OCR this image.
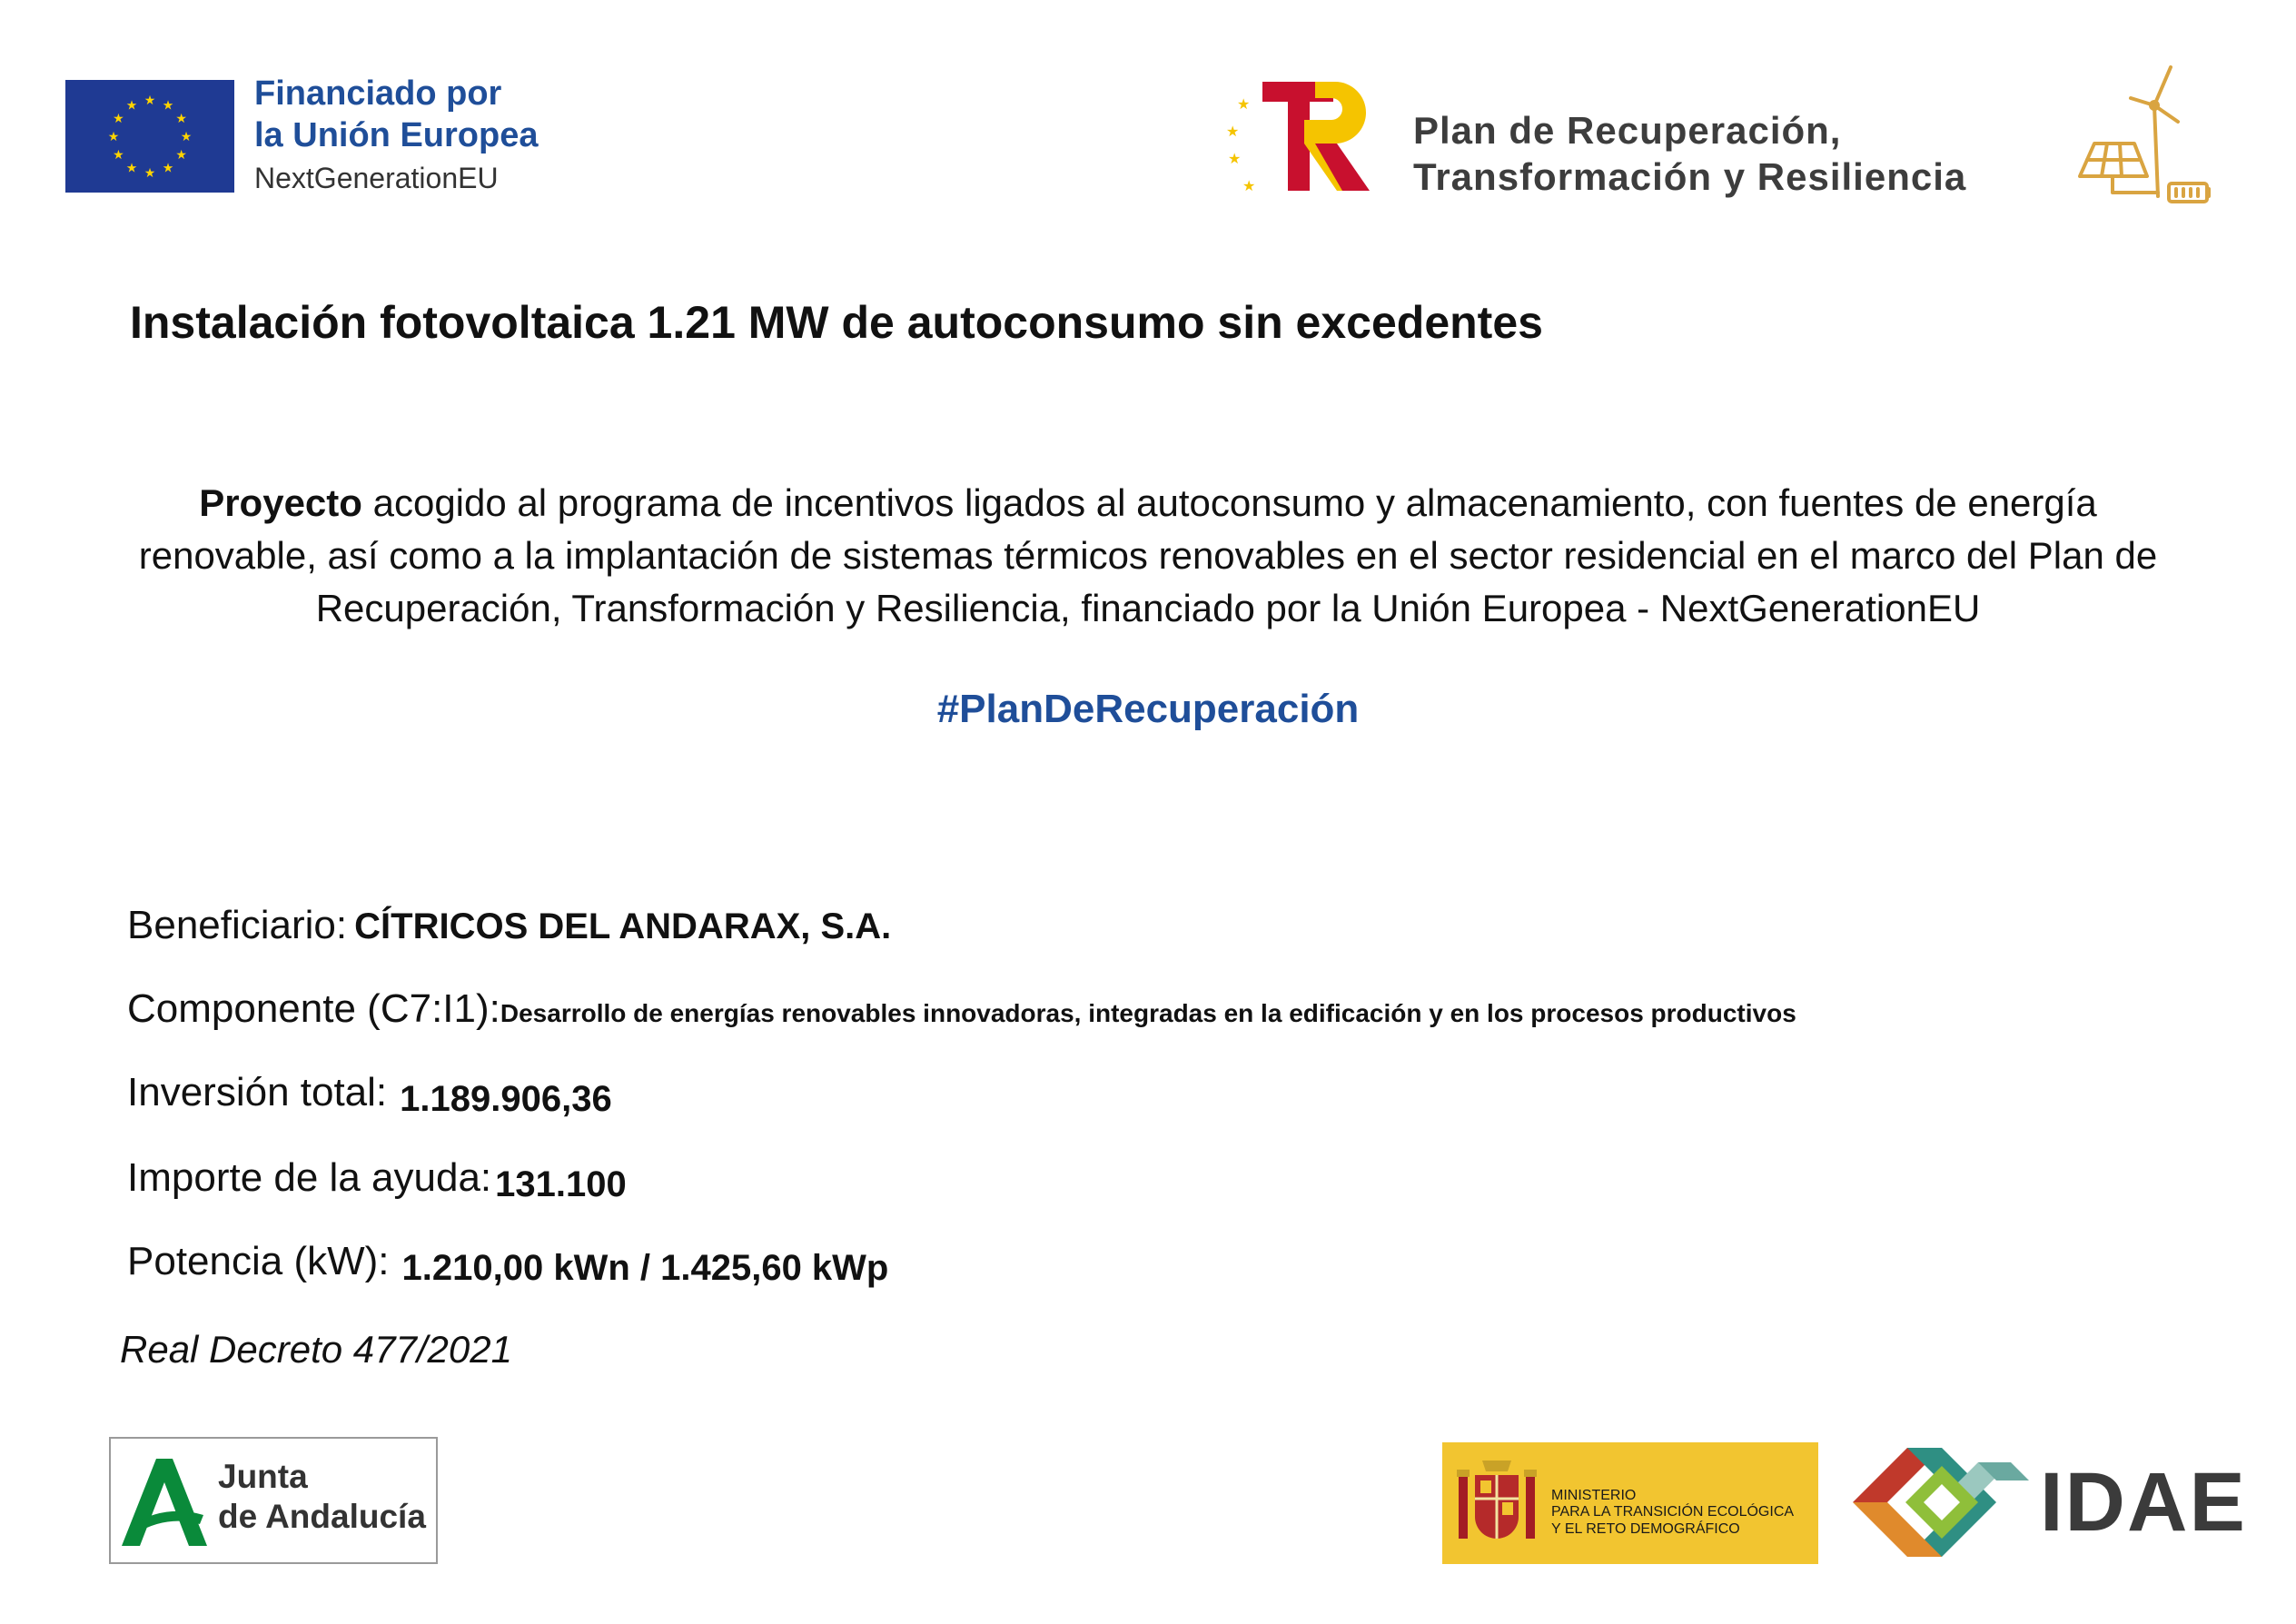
★ ★
★
★
★
★
★
★
★
★
★
★	Financiado por
la Unión Europea
NextGenerationEU
★
★
★
★
Plan de Recuperación,
Transformación y Resiliencia
Instalación fotovoltaica 1.21 MW de autoconsumo sin excedentes
Proyecto acogido al programa de incentivos ligados al autoconsumo y almacenamiento, con fuentes de energía renovable, así como a la implantación de sistemas térmicos renovables en el sector residencial en el marco del Plan de Recuperación, Transformación y Resiliencia, financiado por la Unión Europea - NextGenerationEU
#PlanDeRecuperación
Beneficiario: CÍTRICOS DEL ANDARAX, S.A.
Componente (C7:I1):Desarrollo de energías renovables innovadoras, integradas en la edificación y en los procesos productivos
Inversión total: 1.189.906,36
Importe de la ayuda: 131.100
Potencia (kW): 1.210,00 kWn / 1.425,60 kWp
Real Decreto 477/2021
Junta
de Andalucía
MINISTERIO
PARA LA TRANSICIÓN ECOLÓGICA
Y EL RETO DEMOGRÁFICO	IDAE
